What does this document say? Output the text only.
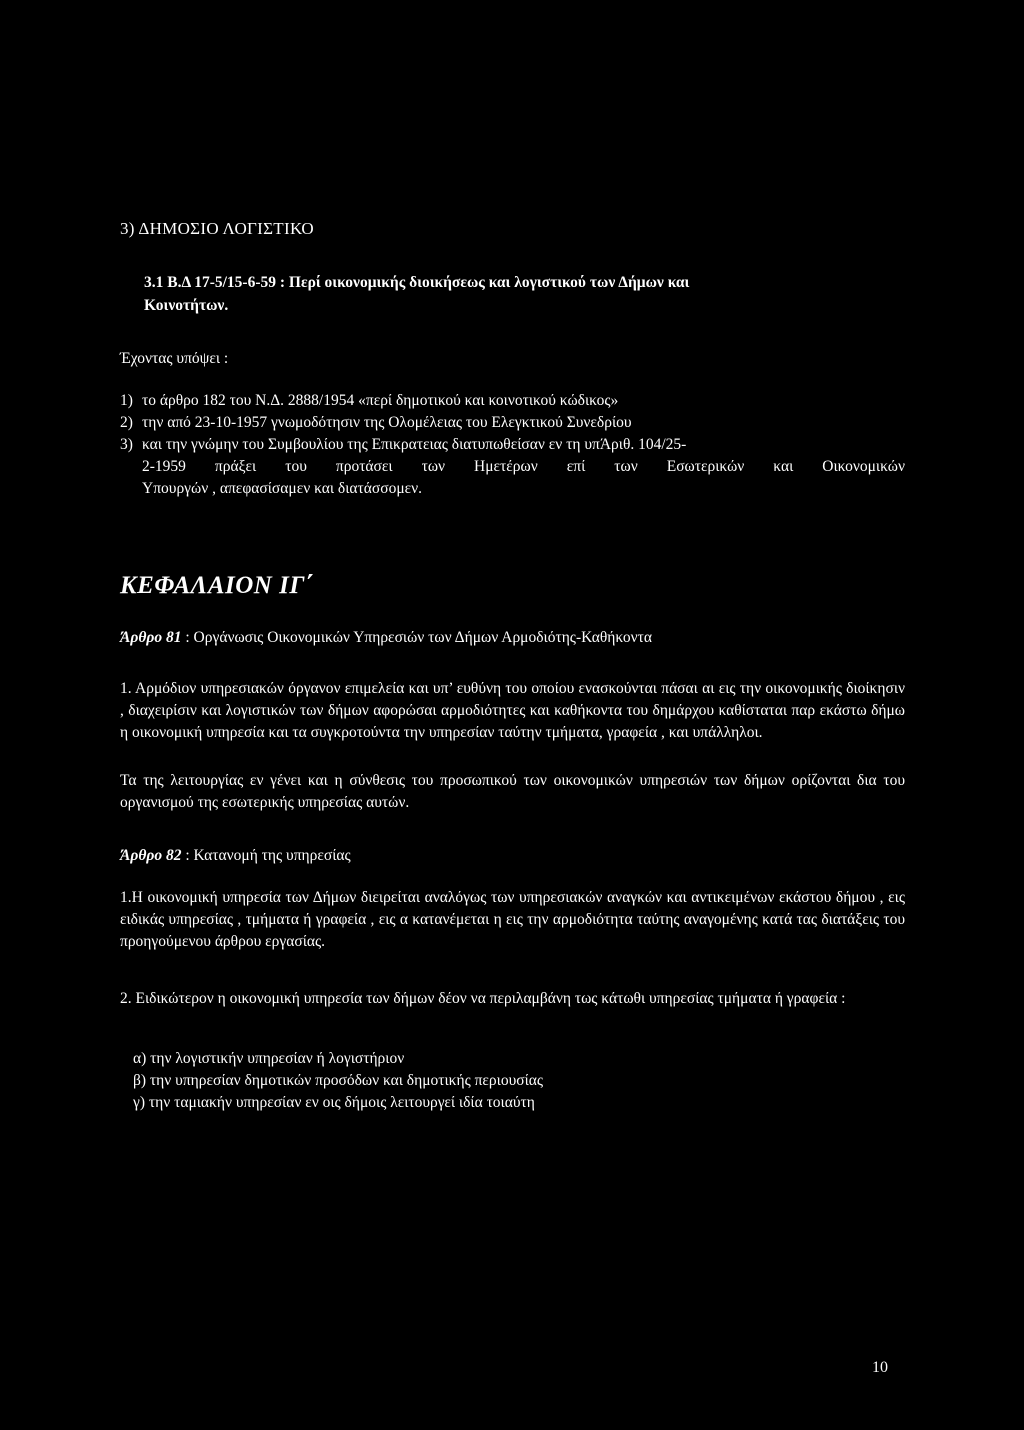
3) ΔΗΜΟΣΙΟ ΛΟΓΙΣΤΙΚΟ
3.1 Β.Δ 17-5/15-6-59 : Περί οικονομικής διοικήσεως και λογιστικού των Δήμων και
Κοινοτήτων.
Έχοντας υπόψει :
1) το άρθρο 182 του Ν.Δ. 2888/1954 «περί δημοτικού και κοινοτικού κώδικος»
2) την από 23-10-1957 γνωμοδότησιν της Ολομέλειας του Ελεγκτικού Συνεδρίου
3) και την γνώμην του Συμβουλίου της Επικρατειας διατυπωθείσαν εν τη υπΆριθ. 104/25-
2-1959 πράξει του προτάσει των Ημετέρων επί των Εσωτερικών και Οικονομικών
Υπουργών , απεφασίσαμεν και διατάσσομεν.
ΚΕΦΑΛΑΙΟΝ ΙΓ΄
Άρθρο 81 : Οργάνωσις Οικονομικών Υπηρεσιών των Δήμων Αρμοδιότης-Καθήκοντα
1. Αρμόδιον υπηρεσιακών όργανον επιμελεία και υπ’ ευθύνη του οποίου ενασκούνται πάσαι αι εις την οικονομικής διοίκησιν , διαχειρίσιν και λογιστικών των δήμων αφορώσαι αρμοδιότητες και καθήκοντα του δημάρχου καθίσταται παρ εκάστω δήμω η οικονομική υπηρεσία και τα συγκροτούντα την υπηρεσίαν ταύτην τμήματα, γραφεία , και υπάλληλοι.
Τα της λειτουργίας εν γένει και η σύνθεσις του προσωπικού των οικονομικών υπηρεσιών των δήμων ορίζονται δια του οργανισμού της εσωτερικής υπηρεσίας αυτών.
Άρθρο 82 : Κατανομή της υπηρεσίας
1.Η οικονομική υπηρεσία των Δήμων διειρείται αναλόγως των υπηρεσιακών αναγκών και αντικειμένων εκάστου δήμου , εις ειδικάς υπηρεσίας , τμήματα ή γραφεία , εις α κατανέμεται η εις την αρμοδιότητα ταύτης αναγομένης κατά τας διατάξεις του προηγούμενου άρθρου εργασίας.
2. Ειδικώτερον η οικονομική υπηρεσία των δήμων δέον να περιλαμβάνη τως κάτωθι υπηρεσίας τμήματα ή γραφεία :
α) την λογιστικήν υπηρεσίαν ή λογιστήριον
β) την υπηρεσίαν δημοτικών προσόδων και δημοτικής περιουσίας
γ) την ταμιακήν υπηρεσίαν εν οις δήμοις λειτουργεί ιδία τοιαύτη
10
